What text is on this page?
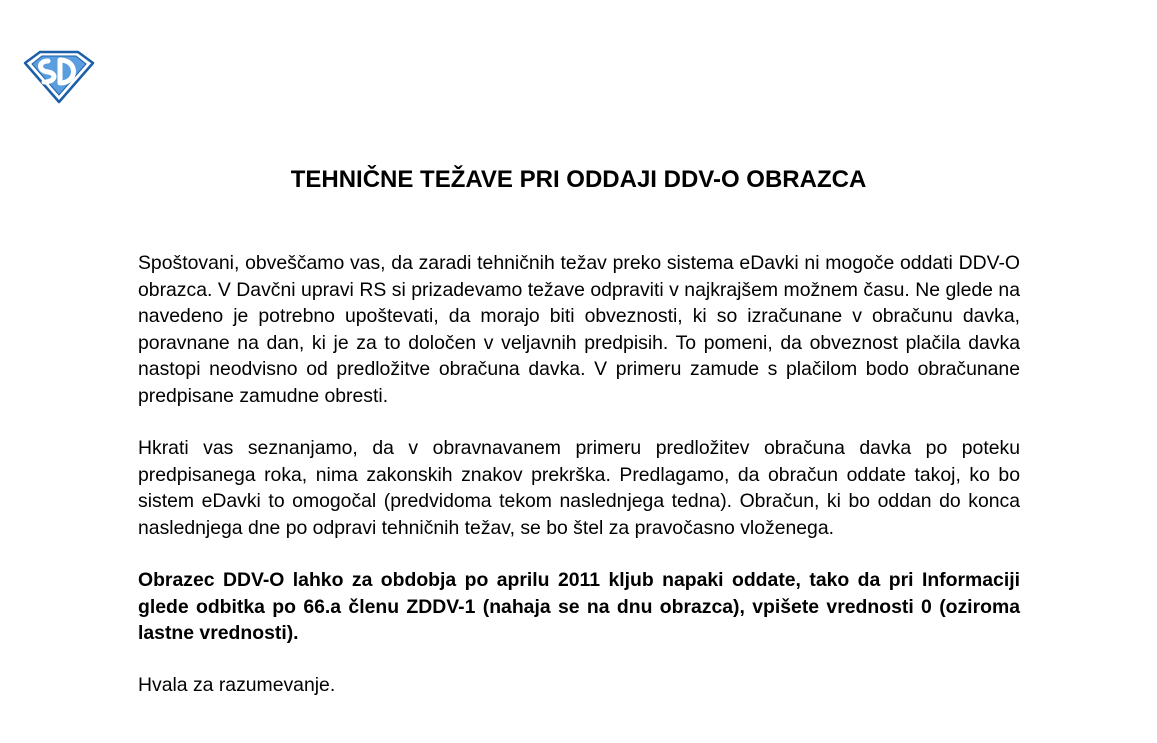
TEHNIČNE TEŽAVE PRI ODDAJI DDV-O OBRAZCA

Spoštovani, obveščamo vas, da zaradi tehničnih težav preko sistema eDavki ni mogoče oddati DDV-O obrazca. V Davčni upravi RS si prizadevamo težave odpraviti v najkrajšem možnem času. Ne glede na navedeno je potrebno upoštevati, da morajo biti obveznosti, ki so izračunane v obračunu davka, poravnane na dan, ki je za to določen v veljavnih predpisih. To pomeni, da obveznost plačila davka nastopi neodvisno od predložitve obračuna davka. V primeru zamude s plačilom bodo obračunane predpisane zamudne obresti.

Hkrati vas seznanjamo, da v obravnavanem primeru predložitev obračuna davka po poteku predpisanega roka, nima zakonskih znakov prekrška. Predlagamo, da obračun oddate takoj, ko bo sistem eDavki to omogočal (predvidoma tekom naslednjega tedna). Obračun, ki bo oddan do konca naslednjega dne po odpravi tehničnih težav, se bo štel za pravočasno vloženega.

Obrazec DDV-O lahko za obdobja po aprilu 2011 kljub napaki oddate, tako da pri Informaciji glede odbitka po 66.a členu ZDDV-1 (nahaja se na dnu obrazca), vpišete vrednosti 0 (oziroma lastne vrednosti).

Hvala za razumevanje.
